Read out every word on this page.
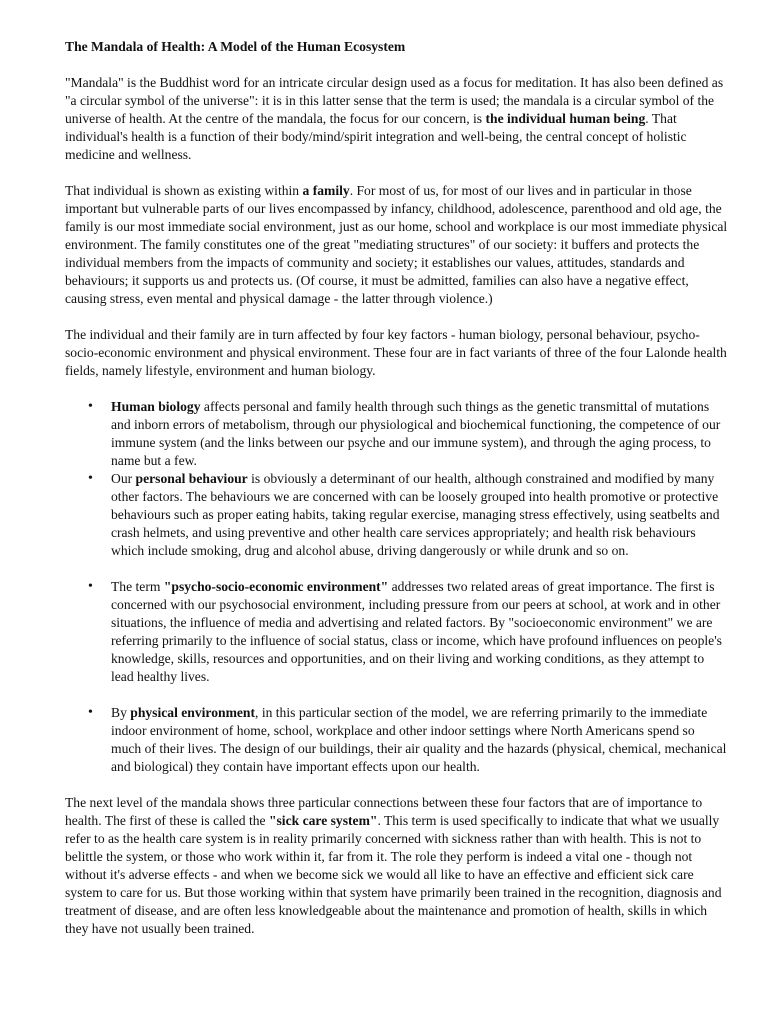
The Mandala of Health: A Model of the Human Ecosystem

"Mandala" is the Buddhist word for an intricate circular design used as a focus for meditation. It has also been defined as "a circular symbol of the universe": it is in this latter sense that the term is used; the mandala is a circular symbol of the universe of health. At the centre of the mandala, the focus for our concern, is the individual human being. That individual's health is a function of their body/mind/spirit integration and well-being, the central concept of holistic medicine and wellness.

That individual is shown as existing within a family. For most of us, for most of our lives and in particular in those important but vulnerable parts of our lives encompassed by infancy, childhood, adolescence, parenthood and old age, the family is our most immediate social environment, just as our home, school and workplace is our most immediate physical environment. The family constitutes one of the great "mediating structures" of our society: it buffers and protects the individual members from the impacts of community and society; it establishes our values, attitudes, standards and behaviours; it supports us and protects us. (Of course, it must be admitted, families can also have a negative effect, causing stress, even mental and physical damage - the latter through violence.)

The individual and their family are in turn affected by four key factors - human biology, personal behaviour, psycho-socio-economic environment and physical environment. These four are in fact variants of three of the four Lalonde health fields, namely lifestyle, environment and human biology.

• Human biology affects personal and family health through such things as the genetic transmittal of mutations and inborn errors of metabolism, through our physiological and biochemical functioning, the competence of our immune system (and the links between our psyche and our immune system), and through the aging process, to name but a few.
• Our personal behaviour is obviously a determinant of our health, although constrained and modified by many other factors. The behaviours we are concerned with can be loosely grouped into health promotive or protective behaviours such as proper eating habits, taking regular exercise, managing stress effectively, using seatbelts and crash helmets, and using preventive and other health care services appropriately; and health risk behaviours which include smoking, drug and alcohol abuse, driving dangerously or while drunk and so on.
• The term "psycho-socio-economic environment" addresses two related areas of great importance. The first is concerned with our psychosocial environment, including pressure from our peers at school, at work and in other situations, the influence of media and advertising and related factors. By "socioeconomic environment" we are referring primarily to the influence of social status, class or income, which have profound influences on people's knowledge, skills, resources and opportunities, and on their living and working conditions, as they attempt to lead healthy lives.
• By physical environment, in this particular section of the model, we are referring primarily to the immediate indoor environment of home, school, workplace and other indoor settings where North Americans spend so much of their lives. The design of our buildings, their air quality and the hazards (physical, chemical, mechanical and biological) they contain have important effects upon our health.

The next level of the mandala shows three particular connections between these four factors that are of importance to health. The first of these is called the "sick care system". This term is used specifically to indicate that what we usually refer to as the health care system is in reality primarily concerned with sickness rather than with health. This is not to belittle the system, or those who work within it, far from it. The role they perform is indeed a vital one - though not without it's adverse effects - and when we become sick we would all like to have an effective and efficient sick care system to care for us. But those working within that system have primarily been trained in the recognition, diagnosis and treatment of disease, and are often less knowledgeable about the maintenance and promotion of health, skills in which they have not usually been trained.
